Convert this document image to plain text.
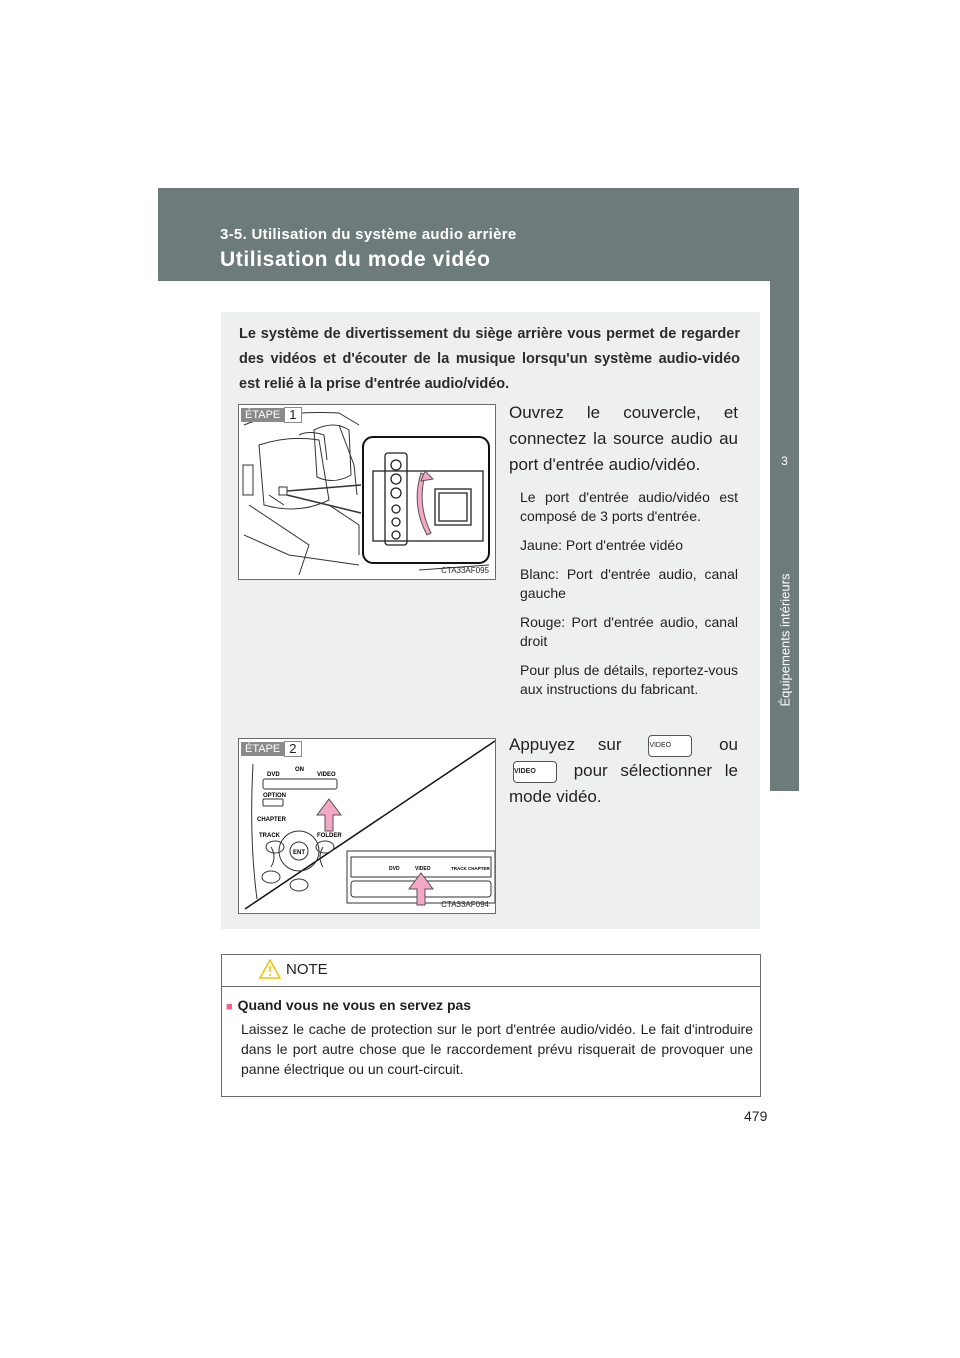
3-5. Utilisation du système audio arrière
Utilisation du mode vidéo
3
Équipements intérieurs
Le système de divertissement du siège arrière vous permet de regarder des vidéos et d'écouter de la musique lorsqu'un système audio-vidéo est relié à la prise d'entrée audio/vidéo.
ÉTAPE 1
CTA33AF095

Ouvrez le couvercle, et connectez la source audio au port d'entrée audio/vidéo.

Le port d'entrée audio/vidéo est composé de 3 ports d'entrée.

Jaune: Port d'entrée vidéo

Blanc: Port d'entrée audio, canal gauche

Rouge: Port d'entrée audio, canal droit

Pour plus de détails, reportez-vous aux instructions du fabricant.

DVD
ON
VIDEO
OPTION
CHAPTER
TRACK	FOLDER
ENT
DVD	VIDEO	TRACK CHAPTER
ÉTAPE 2
CTA33AF094

Appuyez sur	VIDEO	ou VIDEO pour sélectionner le mode vidéo.

NOTE
■ Quand vous ne vous en servez pas
Laissez le cache de protection sur le port d'entrée audio/vidéo. Le fait d'introduire dans le port autre chose que le raccordement prévu risquerait de provoquer une panne électrique ou un court-circuit.
479
